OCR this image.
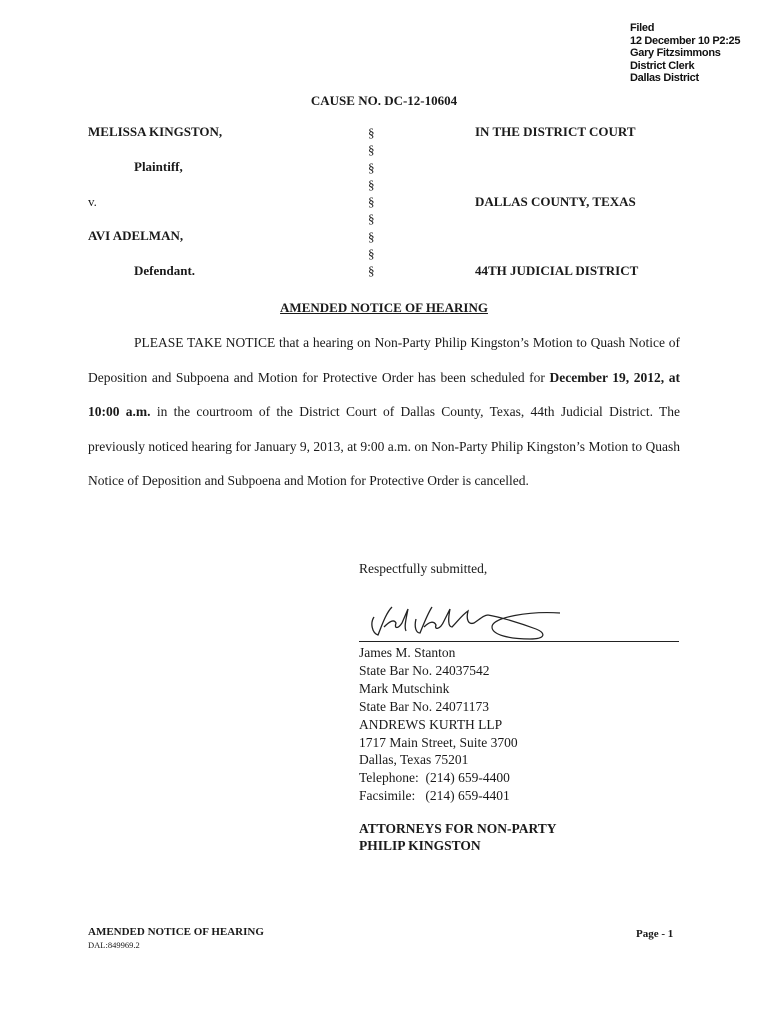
Filed
12 December 10 P2:25
Gary Fitzsimmons
District Clerk
Dallas District
CAUSE NO. DC-12-10604
MELISSA KINGSTON,
Plaintiff,
v.
AVI ADELMAN,
Defendant.
§
§
§
§
§
§
§
§
§
IN THE DISTRICT COURT
DALLAS COUNTY, TEXAS
44TH JUDICIAL DISTRICT
AMENDED NOTICE OF HEARING

PLEASE TAKE NOTICE that a hearing on Non-Party Philip Kingston’s Motion to Quash Notice of Deposition and Subpoena and Motion for Protective Order has been scheduled for December 19, 2012, at 10:00 a.m. in the courtroom of the District Court of Dallas County, Texas, 44th Judicial District. The previously noticed hearing for January 9, 2013, at 9:00 a.m. on Non-Party Philip Kingston’s Motion to Quash Notice of Deposition and Subpoena and Motion for Protective Order is cancelled.

Respectfully submitted,
James M. Stanton
State Bar No. 24037542
Mark Mutschink
State Bar No. 24071173
ANDREWS KURTH LLP
1717 Main Street, Suite 3700
Dallas, Texas 75201
Telephone:  (214) 659-4400
Facsimile:   (214) 659-4401
ATTORNEYS FOR NON-PARTY
PHILIP KINGSTON
AMENDED NOTICE OF HEARING
DAL:849969.2
Page - 1
